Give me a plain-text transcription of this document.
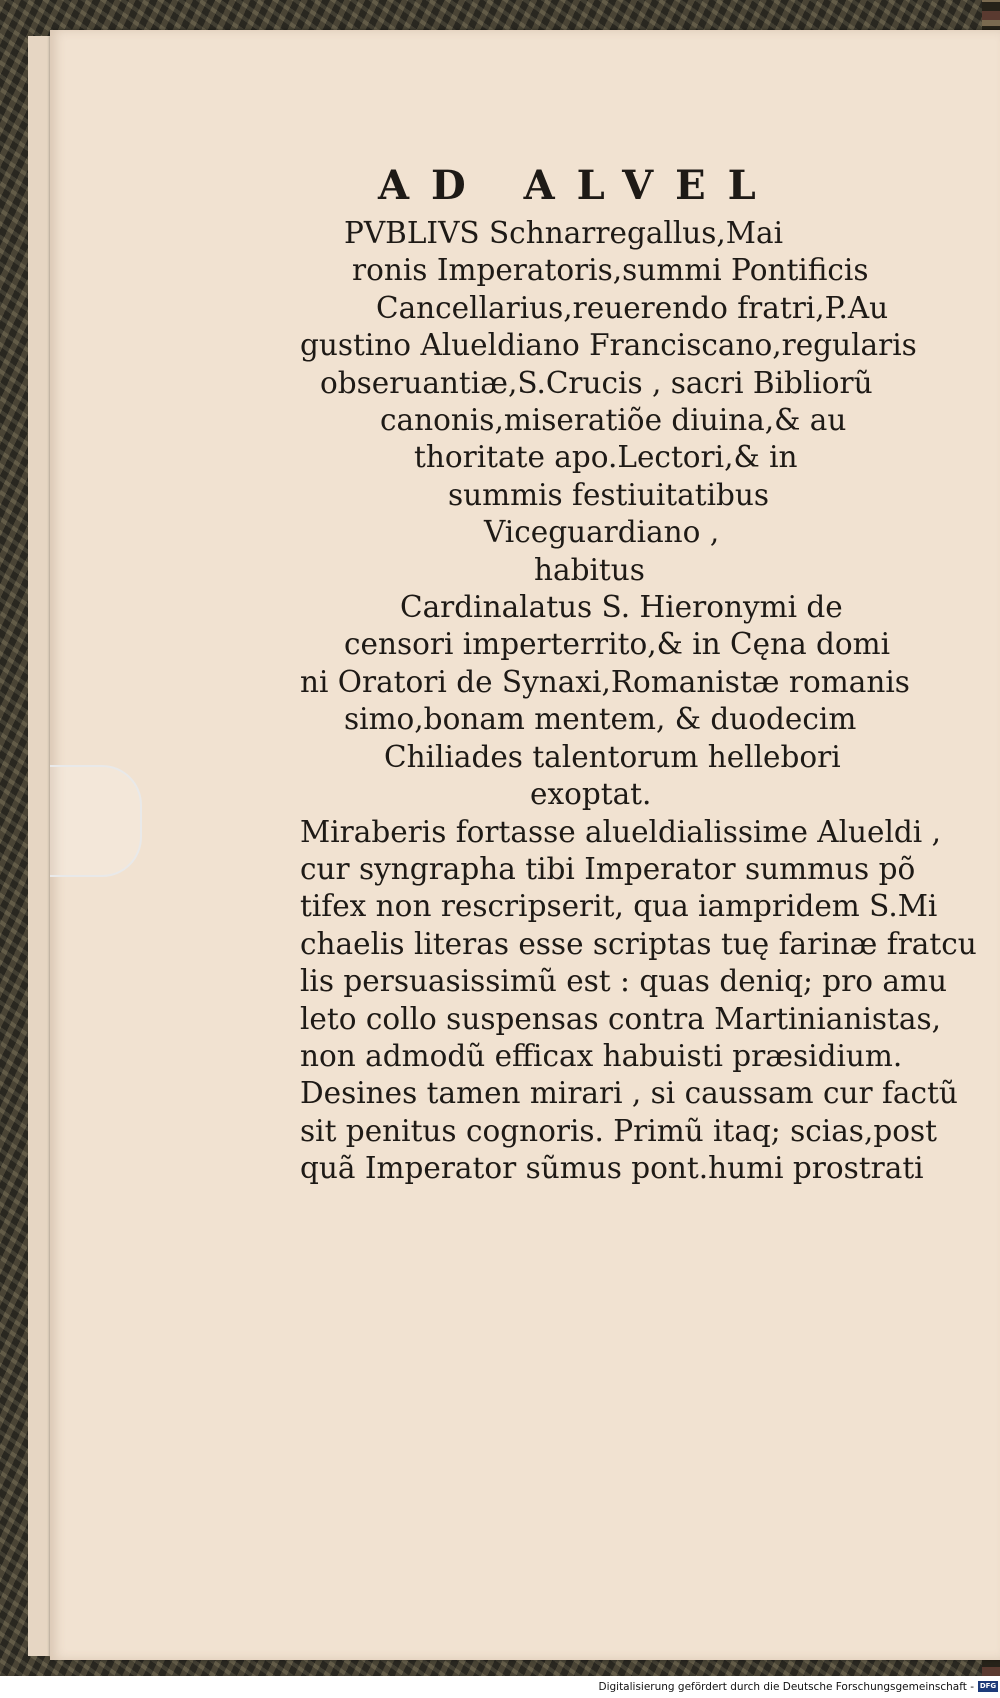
AD ALVEL
PVBLIVS Schnarregallus,Mai
ronis Imperatoris,summi Pontificis
Cancellarius,reuerendo fratri,P.Au
gustino Alueldiano Franciscano,regularis
obseruantiæ,S.Crucis , sacri Bibliorũ
canonis,miseratiõe diuina,& au
thoritate apo.Lectori,& in
summis festiuitatibus
Viceguardiano ,
habitus
Cardinalatus S. Hieronymi de
censori imperterrito,& in Cęna domi
ni Oratori de Synaxi,Romanistæ romanis
simo,bonam mentem, & duodecim
Chiliades talentorum hellebori
exoptat.
Miraberis fortasse alueldialissime Alueldi ,
cur syngrapha tibi Imperator summus põ
tifex non rescripserit, qua iampridem S.Mi
chaelis literas esse scriptas tuę farinæ fratcu
lis persuasissimũ est : quas deniq; pro amu
leto collo suspensas contra Martinianistas,
non admodũ efficax habuisti præsidium.
Desines tamen mirari , si caussam cur factũ
sit penitus cognoris. Primũ itaq; scias,post
quã Imperator sũmus pont.humi prostrati
Digitalisierung gefördert durch die Deutsche Forschungsgemeinschaft - DFG
